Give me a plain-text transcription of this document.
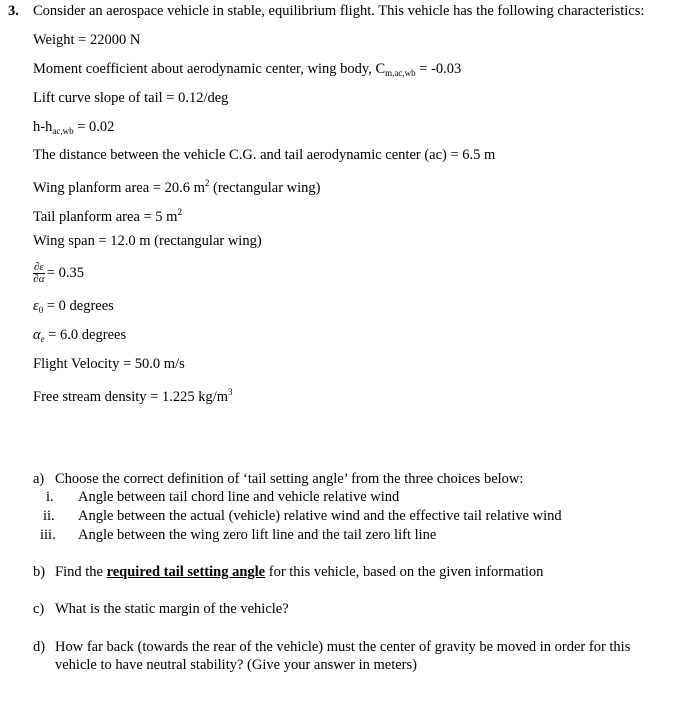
3. Consider an aerospace vehicle in stable, equilibrium flight. This vehicle has the following characteristics:
Weight = 22000 N
Moment coefficient about aerodynamic center, wing body, $C_{m,ac,wb} = -0.03$
Lift curve slope of tail = 0.12/deg
$h-h_{ac,wb} = 0.02$
The distance between the vehicle C.G. and tail aerodynamic center (ac) = 6.5 m
Wing planform area = 20.6 $m^2$ (rectangular wing)
Tail planform area = 5 $m^2$
Wing span = 12.0 m (rectangular wing)
$\frac{\partial\varepsilon}{\partial\alpha} = 0.35$
$\varepsilon_0 = 0$ degrees
$\alpha_e = 6.0$ degrees
Flight Velocity = 50.0 m/s
Free stream density = 1.225 $kg/m^3$
a) Choose the correct definition of ‘tail setting angle’ from the three choices below:
i. Angle between tail chord line and vehicle relative wind
ii. Angle between the actual (vehicle) relative wind and the effective tail relative wind
iii. Angle between the wing zero lift line and the tail zero lift line
b) Find the required tail setting angle for this vehicle, based on the given information
c) What is the static margin of the vehicle?
d) How far back (towards the rear of the vehicle) must the center of gravity be moved in order for this
vehicle to have neutral stability? (Give your answer in meters)
